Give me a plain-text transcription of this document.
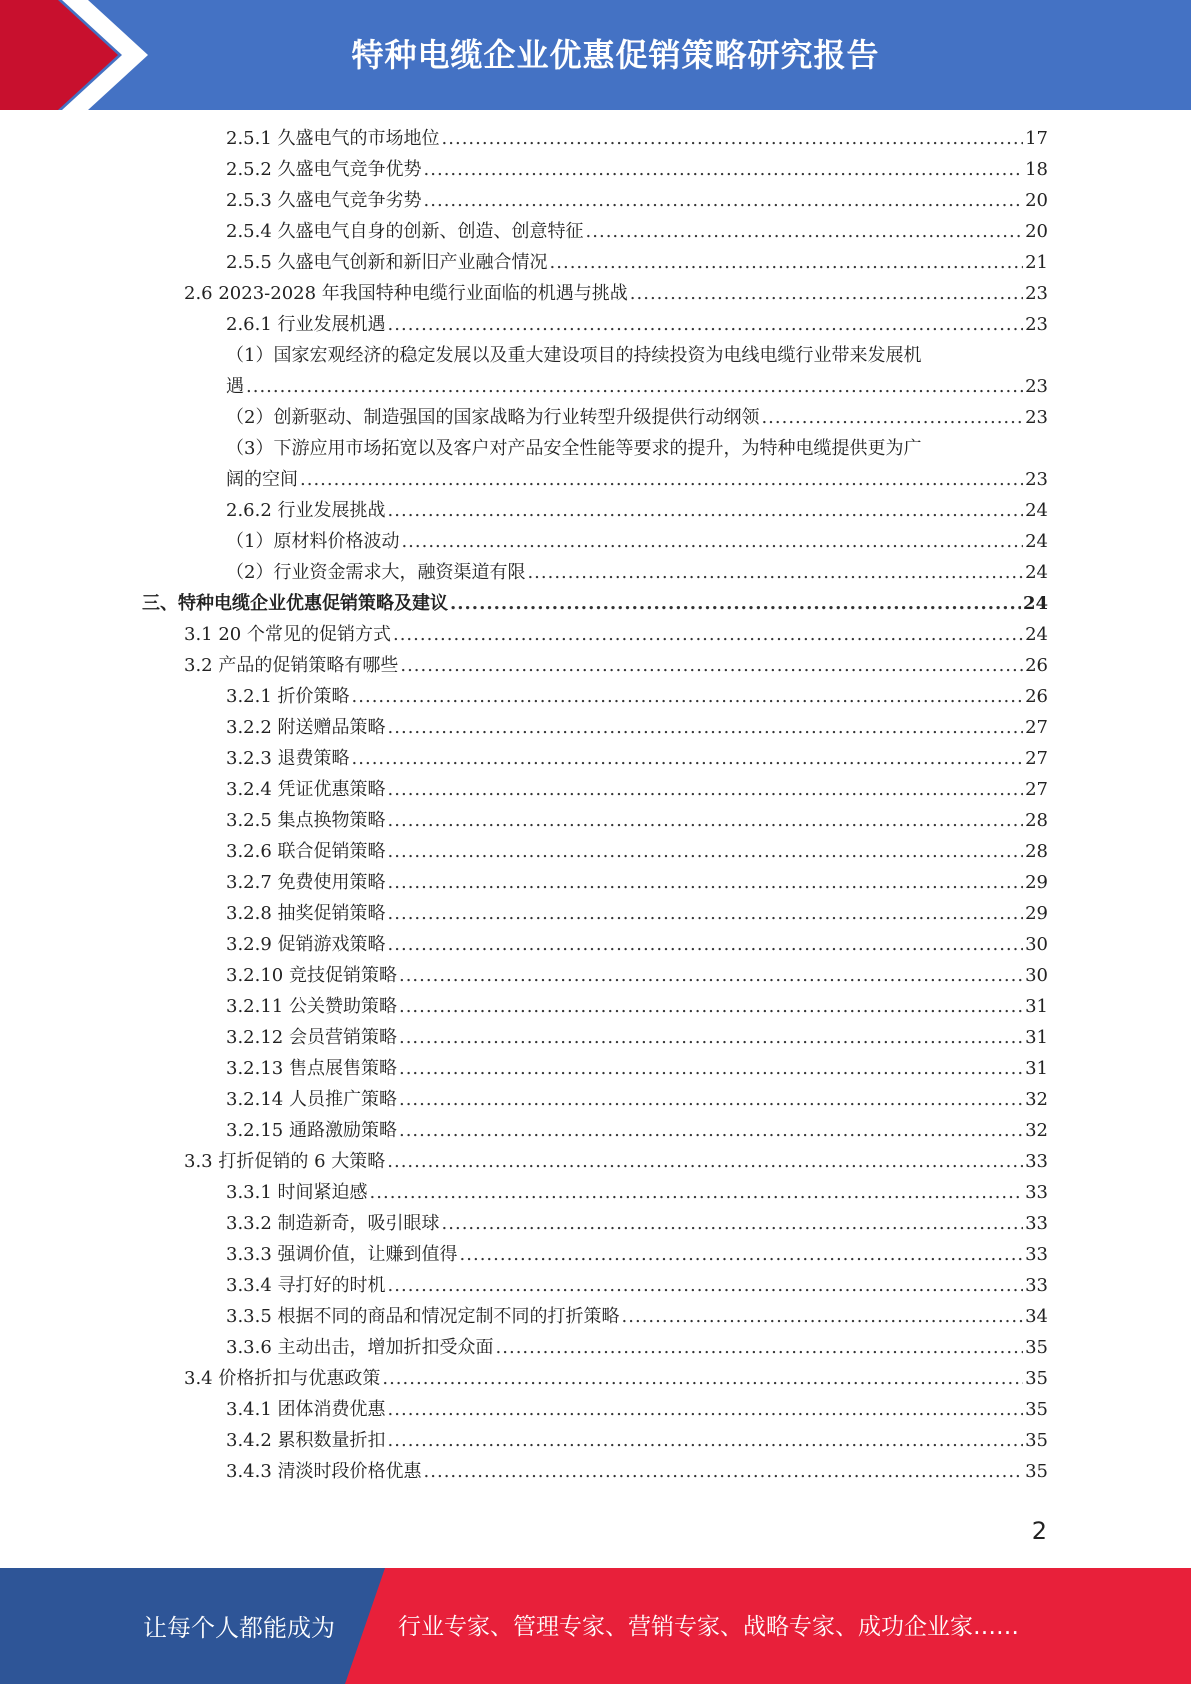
特种电缆企业优惠促销策略研究报告
2.5.1 久盛电气的市场地位 .....	17
2.5.2 久盛电气竞争优势 .....	18
2.5.3 久盛电气竞争劣势 .....	20
2.5.4 久盛电气自身的创新、创造、创意特征 .....	20
2.5.5 久盛电气创新和新旧产业融合情况 .....	21
2.6 2023-2028 年我国特种电缆行业面临的机遇与挑战 .....	23
2.6.1 行业发展机遇 .....	23
（1）国家宏观经济的稳定发展以及重大建设项目的持续投资为电线电缆行业带来发展机
遇 .....	23
（2）创新驱动、制造强国的国家战略为行业转型升级提供行动纲领 .....	23
（3）下游应用市场拓宽以及客户对产品安全性能等要求的提升，为特种电缆提供更为广
阔的空间 .....	23
2.6.2 行业发展挑战 .....	24
（1）原材料价格波动 .....	24
（2）行业资金需求大，融资渠道有限 .....	24
三、特种电缆企业优惠促销策略及建议 .....	24
3.1 20 个常见的促销方式 .....	24
3.2 产品的促销策略有哪些 .....	26
3.2.1 折价策略 .....	26
3.2.2 附送赠品策略 .....	27
3.2.3 退费策略 .....	27
3.2.4 凭证优惠策略 .....	27
3.2.5 集点换物策略 .....	28
3.2.6 联合促销策略 .....	28
3.2.7 免费使用策略 .....	29
3.2.8 抽奖促销策略 .....	29
3.2.9 促销游戏策略 .....	30
3.2.10 竞技促销策略 .....	30
3.2.11 公关赞助策略 .....	31
3.2.12 会员营销策略 .....	31
3.2.13 售点展售策略 .....	31
3.2.14 人员推广策略 .....	32
3.2.15 通路激励策略 .....	32
3.3 打折促销的 6 大策略 .....	33
3.3.1 时间紧迫感 .....	33
3.3.2 制造新奇，吸引眼球 .....	33
3.3.3 强调价值，让赚到值得 .....	33
3.3.4 寻打好的时机 .....	33
3.3.5 根据不同的商品和情况定制不同的打折策略 .....	34
3.3.6 主动出击，增加折扣受众面 .....	35
3.4 价格折扣与优惠政策 .....	35
3.4.1 团体消费优惠 .....	35
3.4.2 累积数量折扣 .....	35
3.4.3 清淡时段价格优惠 .....	35
2
让每个人都能成为	行业专家、管理专家、营销专家、战略专家、成功企业家……
